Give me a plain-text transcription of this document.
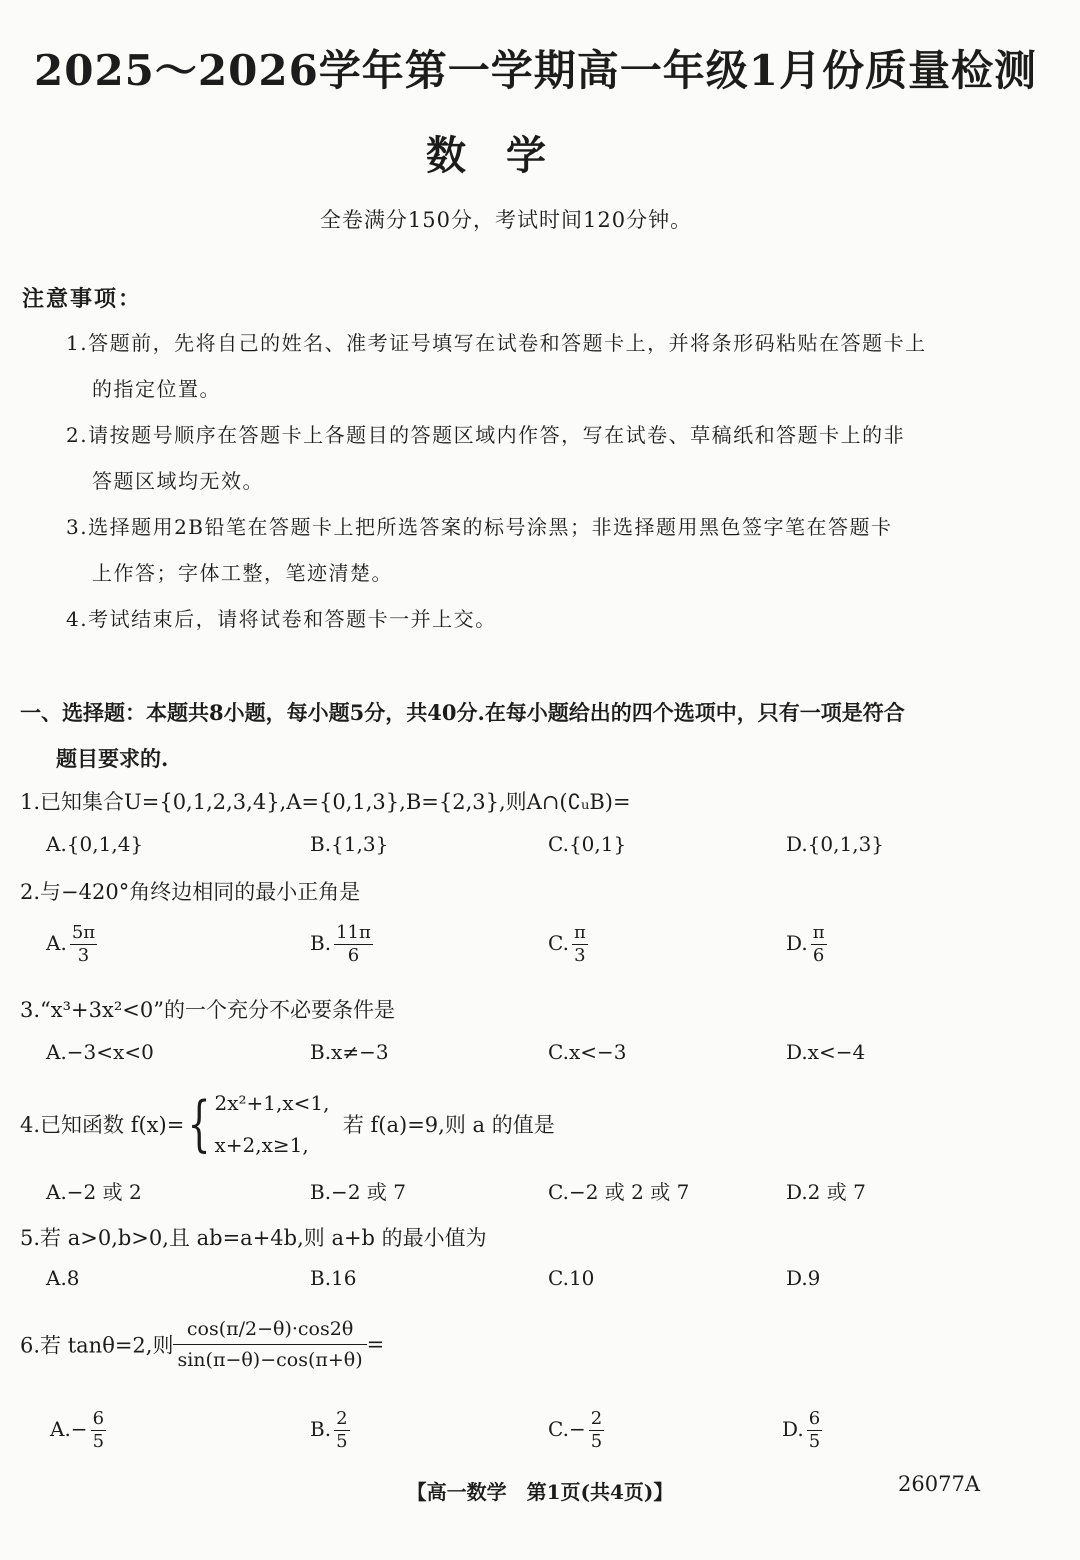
2025～2026学年第一学期高一年级1月份质量检测
数学
全卷满分150分，考试时间120分钟。
注意事项：
1.答题前，先将自己的姓名、准考证号填写在试卷和答题卡上，并将条形码粘贴在答题卡上
的指定位置。
2.请按题号顺序在答题卡上各题目的答题区域内作答，写在试卷、草稿纸和答题卡上的非
答题区域均无效。
3.选择题用2B铅笔在答题卡上把所选答案的标号涂黑；非选择题用黑色签字笔在答题卡
上作答；字体工整，笔迹清楚。
4.考试结束后，请将试卷和答题卡一并上交。
一、选择题：本题共8小题，每小题5分，共40分.在每小题给出的四个选项中，只有一项是符合
题目要求的.
1.已知集合U={0,1,2,3,4},A={0,1,3},B={2,3},则A∩(∁ᵤB)=
A.{0,1,4}	B.{1,3}	C.{0,1}	D.{0,1,3}
2.与−420°角终边相同的最小正角是
A. $\frac{5\pi}{3}$	B. $\frac{11\pi}{6}$	C. $\frac{\pi}{3}$	D. $\frac{\pi}{6}$
3.“x³+3x²<0”的一个充分不必要条件是
A.−3<x<0	B.x≠−3	C.x<−3	D.x<−4
4.已知函数 f(x)={ 2x²+1,x<1,
x+2,x≥1,
若 f(a)=9,则 a 的值是
A.−2 或 2	B.−2 或 7	C.−2 或 2 或 7	D.2 或 7
5.若 a>0,b>0,且 ab=a+4b,则 a+b 的最小值为
A.8	B.16	C.10	D.9
6.若 tanθ=2,则 $\frac{\cos(\pi/2-\theta)\cdot\cos 2\theta}{\sin(\pi-\theta)-\cos(\pi+\theta)}$ =
$A.- \frac{6}{5}$	B. $\frac{2}{5}$	$C.- \frac{2}{5}$	D. $\frac{6}{5}$
【高一数学　第1页(共4页)】	26077A
